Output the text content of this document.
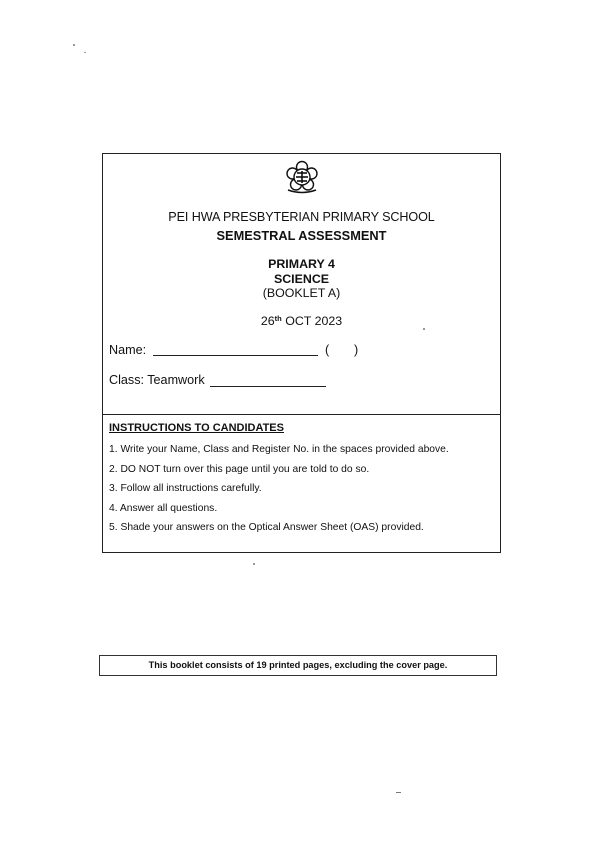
PEI HWA PRESBYTERIAN PRIMARY SCHOOL
SEMESTRAL ASSESSMENT
PRIMARY 4
SCIENCE
(BOOKLET A)
26th OCT 2023
Name:	( )
Class: Teamwork
INSTRUCTIONS TO CANDIDATES
1. Write your Name, Class and Register No. in the spaces provided above.
2. DO NOT turn over this page until you are told to do so.
3. Follow all instructions carefully.
4. Answer all questions.
5. Shade your answers on the Optical Answer Sheet (OAS) provided.
This booklet consists of 19 printed pages, excluding the cover page.
